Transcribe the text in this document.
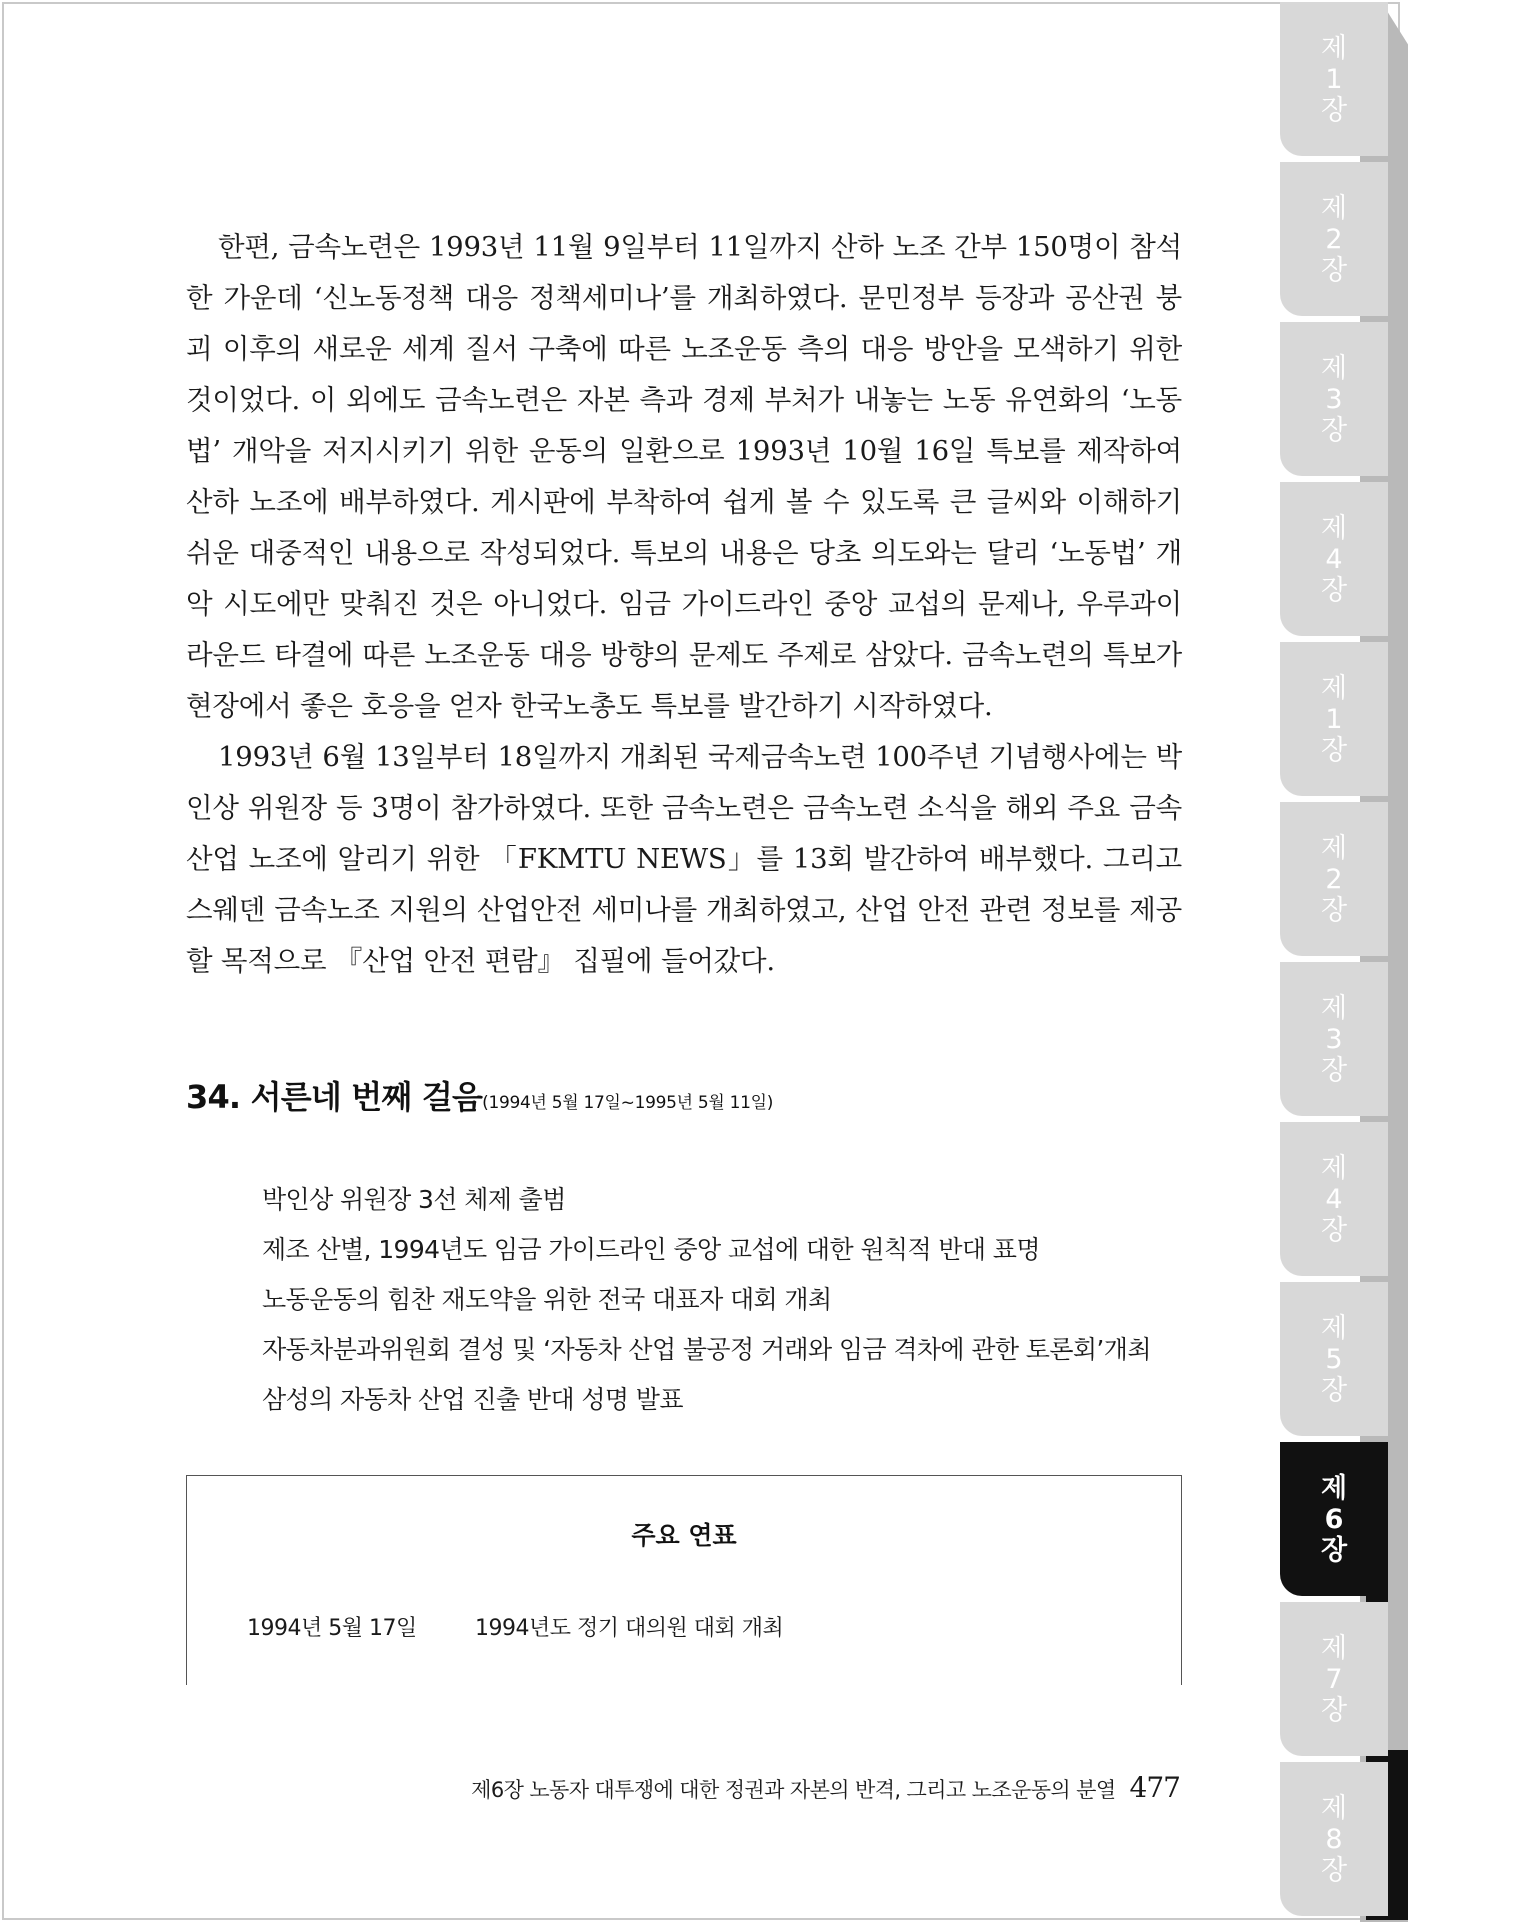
제
1
장
제
2
장
제
3
장
제
4
장
제
1
장
제
2
장
제
3
장
제
4
장
제
5
장
제
6
장
제
7
장
제
8
장

한편, 금속노련은 1993년 11월 9일부터 11일까지 산하 노조 간부 150명이 참석한 가운데 ‘신노동정책 대응 정책세미나’를 개최하였다. 문민정부 등장과 공산권 붕괴 이후의 새로운 세계 질서 구축에 따른 노조운동 측의 대응 방안을 모색하기 위한 것이었다. 이 외에도 금속노련은 자본 측과 경제 부처가 내놓는 노동 유연화의 ‘노동법’ 개악을 저지시키기 위한 운동의 일환으로 1993년 10월 16일 특보를 제작하여 산하 노조에 배부하였다. 게시판에 부착하여 쉽게 볼 수 있도록 큰 글씨와 이해하기 쉬운 대중적인 내용으로 작성되었다. 특보의 내용은 당초 의도와는 달리 ‘노동법’ 개악 시도에만 맞춰진 것은 아니었다. 임금 가이드라인 중앙 교섭의 문제나, 우루과이 라운드 타결에 따른 노조운동 대응 방향의 문제도 주제로 삼았다. 금속노련의 특보가 현장에서 좋은 호응을 얻자 한국노총도 특보를 발간하기 시작하였다.

1993년 6월 13일부터 18일까지 개최된 국제금속노련 100주년 기념행사에는 박인상 위원장 등 3명이 참가하였다. 또한 금속노련은 금속노련 소식을 해외 주요 금속 산업 노조에 알리기 위한 「FKMTU NEWS」를 13회 발간하여 배부했다. 그리고 스웨덴 금속노조 지원의 산업안전 세미나를 개최하였고, 산업 안전 관련 정보를 제공할 목적으로 『산업 안전 편람』 집필에 들어갔다.

34. 서른네 번째 걸음(1994년 5월 17일~1995년 5월 11일)
박인상 위원장 3선 체제 출범
제조 산별, 1994년도 임금 가이드라인 중앙 교섭에 대한 원칙적 반대 표명
노동운동의 힘찬 재도약을 위한 전국 대표자 대회 개최
자동차분과위원회 결성 및 ‘자동차 산업 불공정 거래와 임금 격차에 관한 토론회’개최
삼성의 자동차 산업 진출 반대 성명 발표
주요 연표
1994년 5월 17일	1994년도 정기 대의원 대회 개최
제6장 노동자 대투쟁에 대한 정권과 자본의 반격, 그리고 노조운동의 분열 477
